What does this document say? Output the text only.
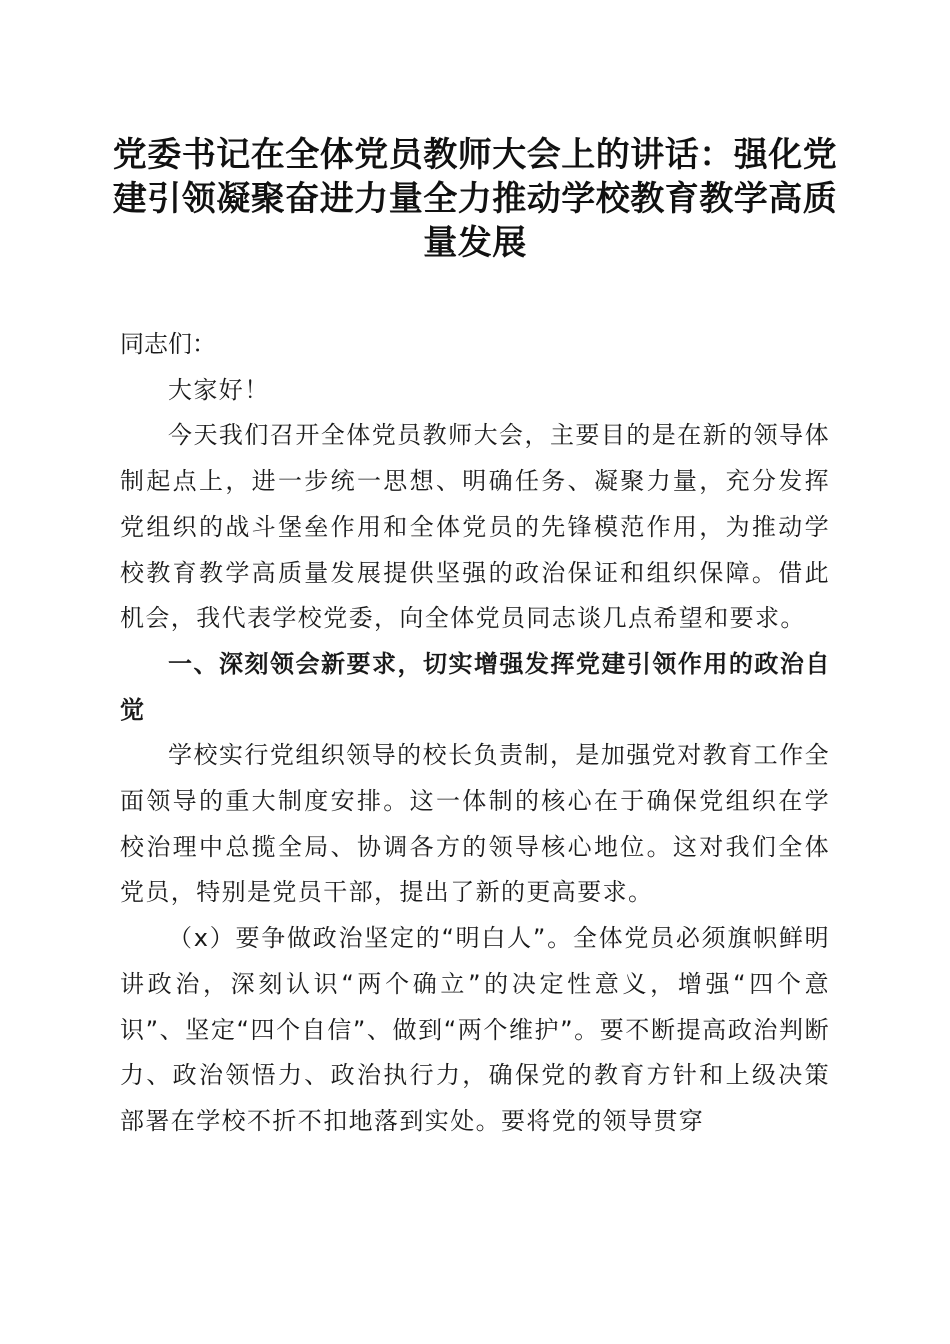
党委书记在全体党员教师大会上的讲话：强化党建引领凝聚奋进力量全力推动学校教育教学高质量发展

同志们：

大家好！

今天我们召开全体党员教师大会，主要目的是在新的领导体制起点上，进一步统一思想、明确任务、凝聚力量，充分发挥党组织的战斗堡垒作用和全体党员的先锋模范作用，为推动学校教育教学高质量发展提供坚强的政治保证和组织保障。借此机会，我代表学校党委，向全体党员同志谈几点希望和要求。

一、深刻领会新要求，切实增强发挥党建引领作用的政治自觉

学校实行党组织领导的校长负责制，是加强党对教育工作全面领导的重大制度安排。这一体制的核心在于确保党组织在学校治理中总揽全局、协调各方的领导核心地位。这对我们全体党员，特别是党员干部，提出了新的更高要求。

（x）要争做政治坚定的“明白人”。全体党员必须旗帜鲜明讲政治，深刻认识“两个确立”的决定性意义，增强“四个意识”、坚定“四个自信”、做到“两个维护”。要不断提高政治判断力、政治领悟力、政治执行力，确保党的教育方针和上级决策部署在学校不折不扣地落到实处。要将党的领导贯穿
